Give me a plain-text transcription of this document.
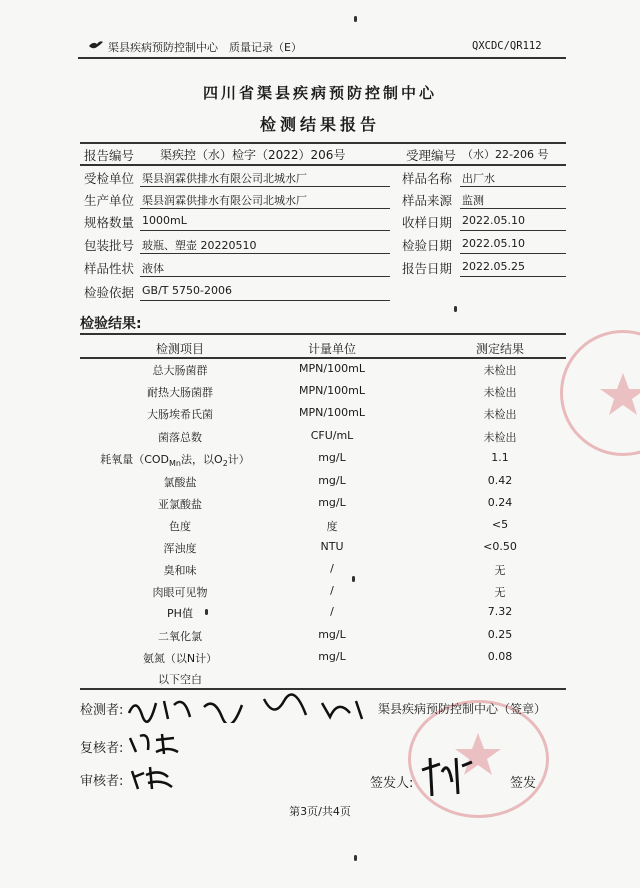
渠县疾病预防控制中心　质量记录（E）	QXCDC/QR112
四川省渠县疾病预防控制中心
检测结果报告
报告编号 渠疾控（水）检字（2022）206号	受理编号 （水）22-206 号
受检单位 渠县润霖供排水有限公司北城水厂	样品名称 出厂水
生产单位 渠县润霖供排水有限公司北城水厂	样品来源 监测
规格数量 1000mL	收样日期 2022.05.10
包装批号 玻瓶、塑壶 20220510	检验日期 2022.05.10
样品性状 液体	报告日期 2022.05.25
检验依据 GB/T 5750-2006
检验结果:
检测项目	计量单位	测定结果
总大肠菌群	MPN/100mL	未检出
耐热大肠菌群	MPN/100mL	未检出
大肠埃希氏菌	MPN/100mL	未检出
菌落总数	CFU/mL	未检出
耗氧量（$COD_{Mn}$法，以$O_2$计）	mg/L	1.1
氯酸盐	mg/L	0.42
亚氯酸盐	mg/L	0.24
色度	度	<5
浑浊度	NTU	<0.50
臭和味	/	无
肉眼可见物	/	无
PH值	/	7.32
二氧化氯	mg/L	0.25
氨氮（以N计）	mg/L	0.08
以下空白
检测者:	渠县疾病预防控制中心（签章）
复核者:
审核者:	签发人:	签发
第3页/共4页
